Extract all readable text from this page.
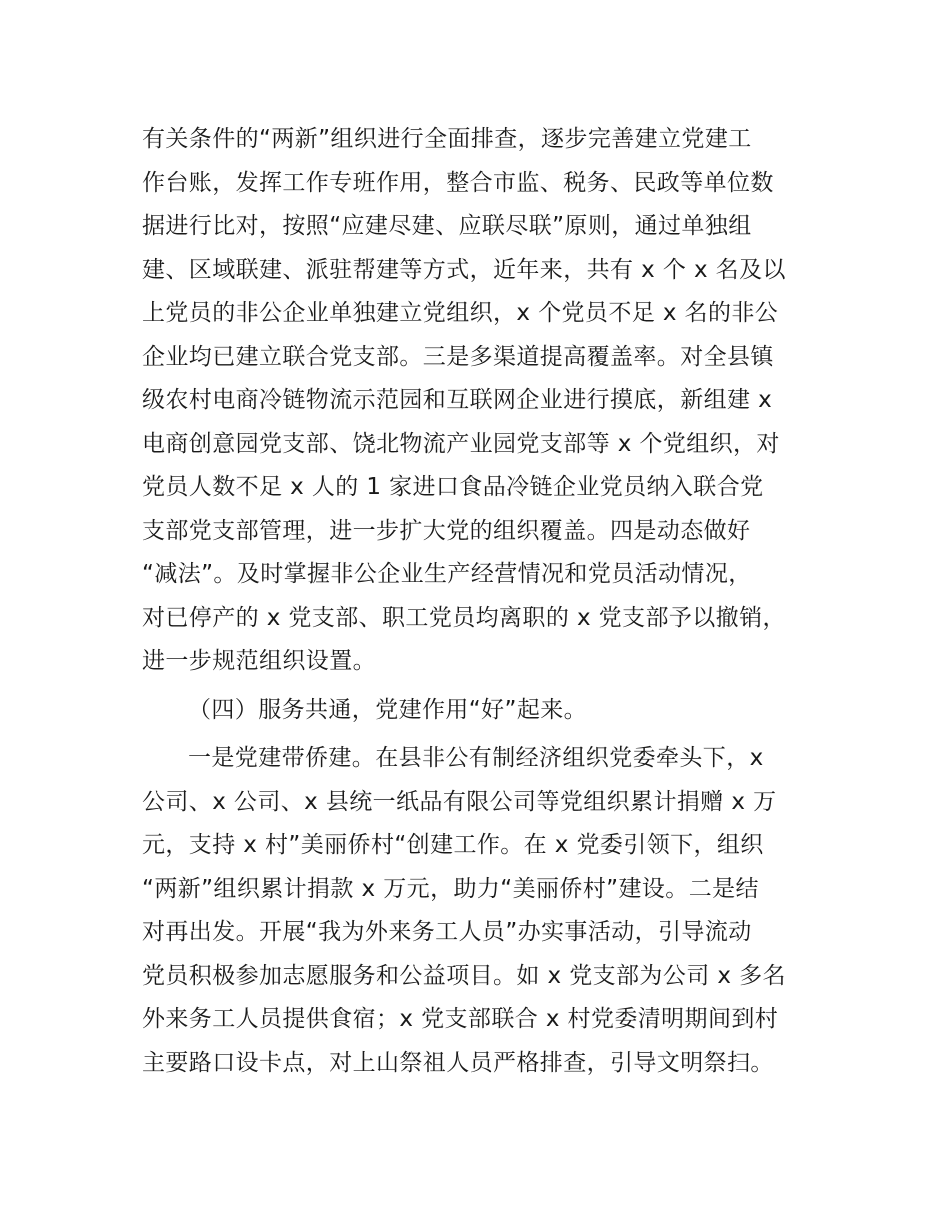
有关条件的“两新”组织进行全面排查，逐步完善建立党建工
作台账，发挥工作专班作用，整合市监、税务、民政等单位数
据进行比对，按照“应建尽建、应联尽联”原则，通过单独组
建、区域联建、派驻帮建等方式，近年来，共有 x 个 x 名及以
上党员的非公企业单独建立党组织，x 个党员不足 x 名的非公
企业均已建立联合党支部。三是多渠道提高覆盖率。对全县镇
级农村电商冷链物流示范园和互联网企业进行摸底，新组建 x
电商创意园党支部、饶北物流产业园党支部等 x 个党组织，对
党员人数不足 x 人的 1 家进口食品冷链企业党员纳入联合党
支部党支部管理，进一步扩大党的组织覆盖。四是动态做好
“减法”。及时掌握非公企业生产经营情况和党员活动情况，
对已停产的 x 党支部、职工党员均离职的 x 党支部予以撤销，
进一步规范组织设置。
（四）服务共通，党建作用“好”起来。
一是党建带侨建。在县非公有制经济组织党委牵头下，x
公司、x 公司、x 县统一纸品有限公司等党组织累计捐赠 x 万
元，支持 x 村”美丽侨村“创建工作。在 x 党委引领下，组织
“两新”组织累计捐款 x 万元，助力“美丽侨村”建设。二是结
对再出发。开展“我为外来务工人员”办实事活动，引导流动
党员积极参加志愿服务和公益项目。如 x 党支部为公司 x 多名
外来务工人员提供食宿；x 党支部联合 x 村党委清明期间到村
主要路口设卡点，对上山祭祖人员严格排查，引导文明祭扫。
